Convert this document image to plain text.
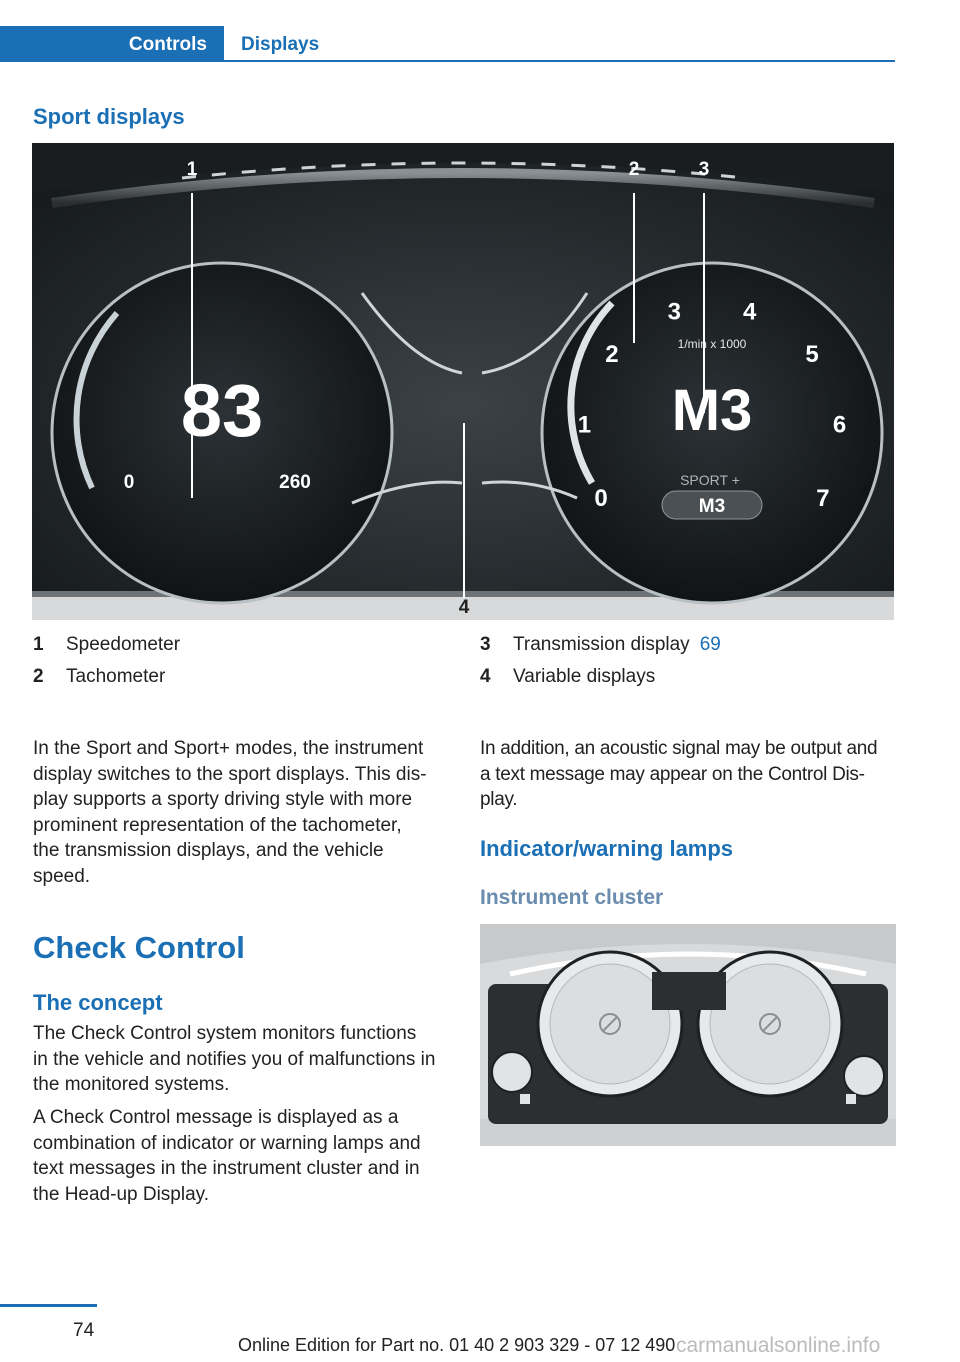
Controls Displays
Sport displays
83
0	260
0
1
2
3	4
5
6
7
1/min x 1000
M3
SPORT +
M3
1	2	3
4
1 Speedometer
2 Tachometer
3 Transmission display 69
4 Variable displays
In the Sport and Sport+ modes, the instrument
display switches to the sport displays. This dis-
play supports a sporty driving style with more
prominent representation of the tachometer,
the transmission displays, and the vehicle
speed.
Check Control
The concept
The Check Control system monitors functions
in the vehicle and notifies you of malfunctions in
the monitored systems.
A Check Control message is displayed as a
combination of indicator or warning lamps and
text messages in the instrument cluster and in
the Head-up Display.
In addition, an acoustic signal may be output and
a text message may appear on the Control Dis-
play.
Indicator/warning lamps
Instrument cluster
74
Online Edition for Part no. 01 40 2 903 329 - 07 12 490 carmanualsonline.info
